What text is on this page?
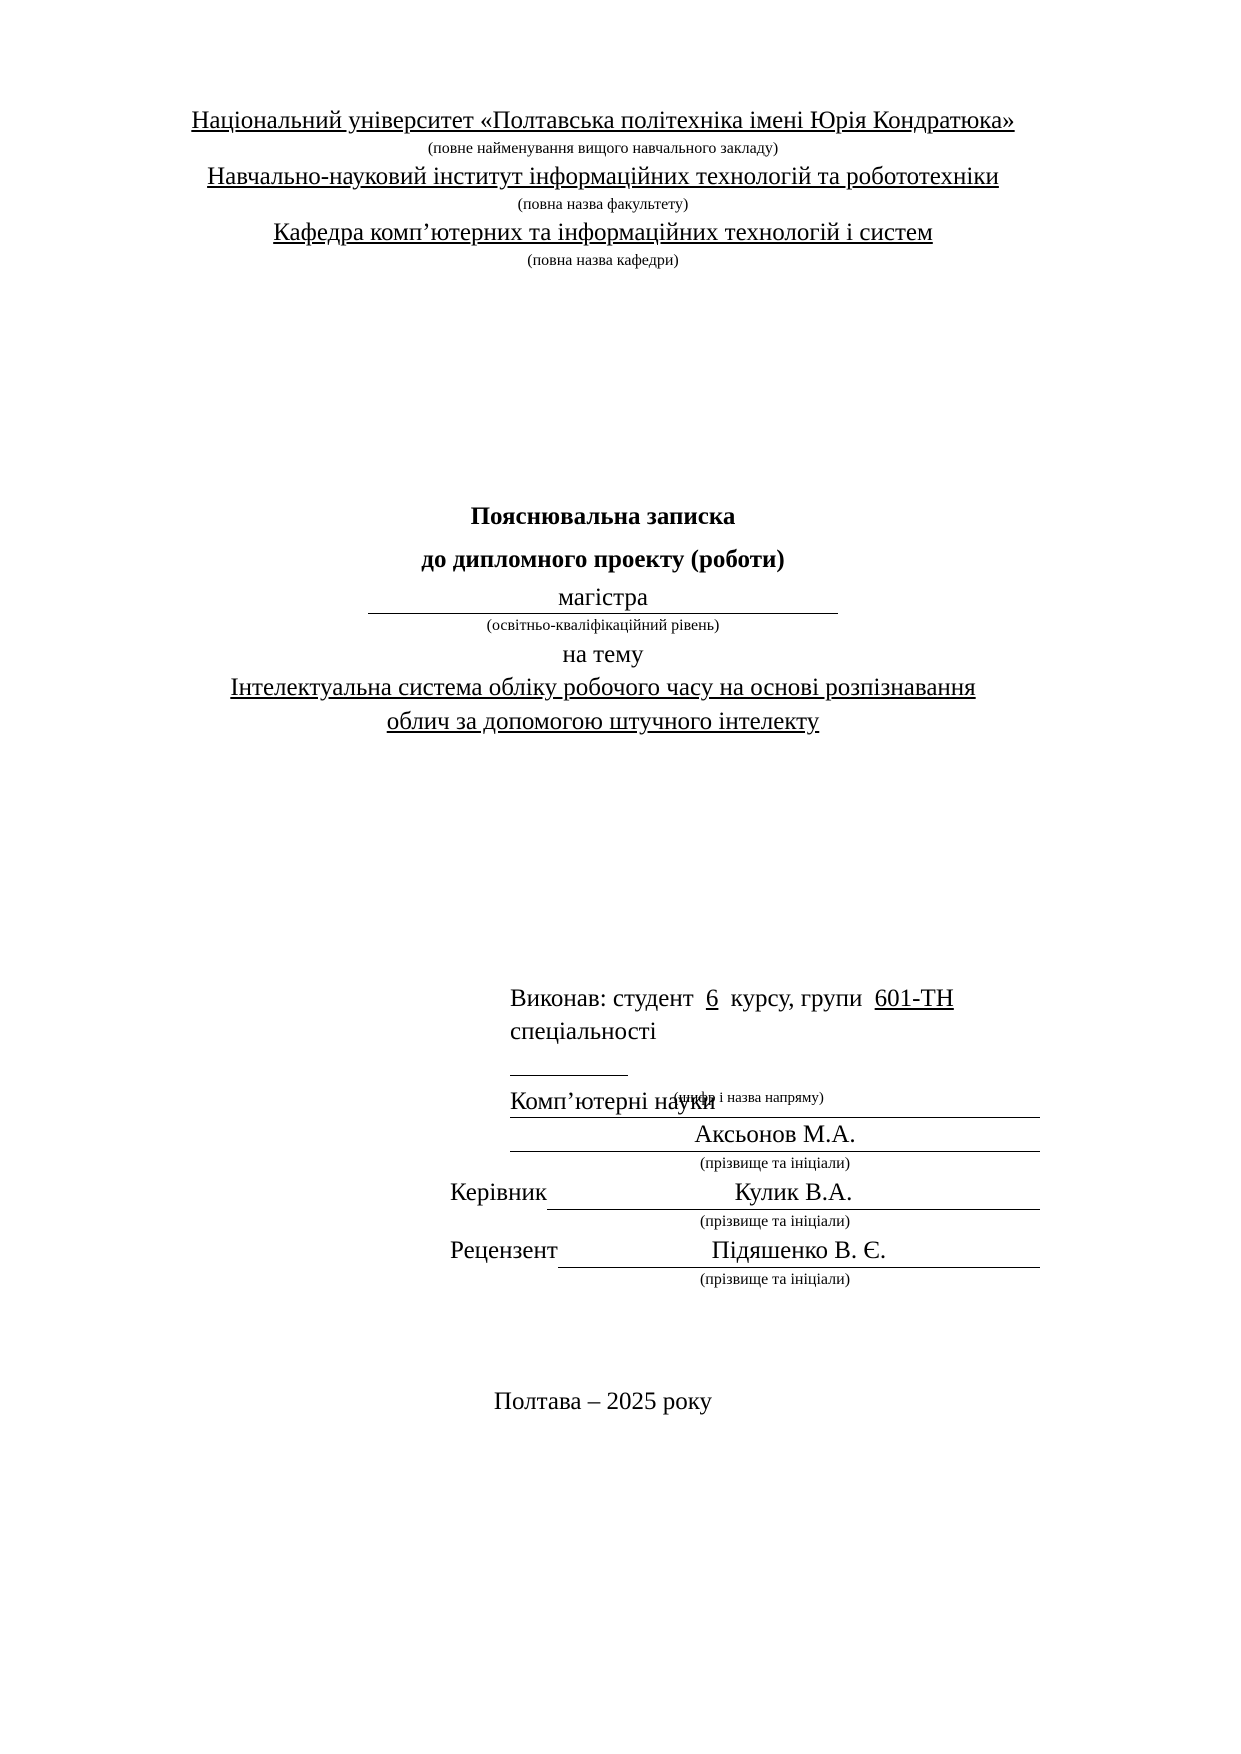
Національний університет «Полтавська політехніка імені Юрія Кондратюка»
(повне найменування вищого навчального закладу)
Навчально-науковий інститут інформаційних технологій та робототехніки
(повна назва факультету)
Кафедра комп’ютерних та інформаційних технологій і систем
(повна назва кафедри)
Пояснювальна записка
до дипломного проекту (роботи)
магістра
(освітньо-кваліфікаційний рівень)
на тему
Інтелектуальна система обліку робочого часу на основі розпізнавання
облич за допомогою штучного інтелекту
Виконав: студент 6 курсу, групи 601-ТН
спеціальності
Комп’ютерні науки
(шифр і назва напряму)
Аксьонов М.А.
(прізвище та ініціали)
Керівник	Кулик В.А.
(прізвище та ініціали)
Рецензент	Підяшенко В. Є.
(прізвище та ініціали)
Полтава – 2025 року
